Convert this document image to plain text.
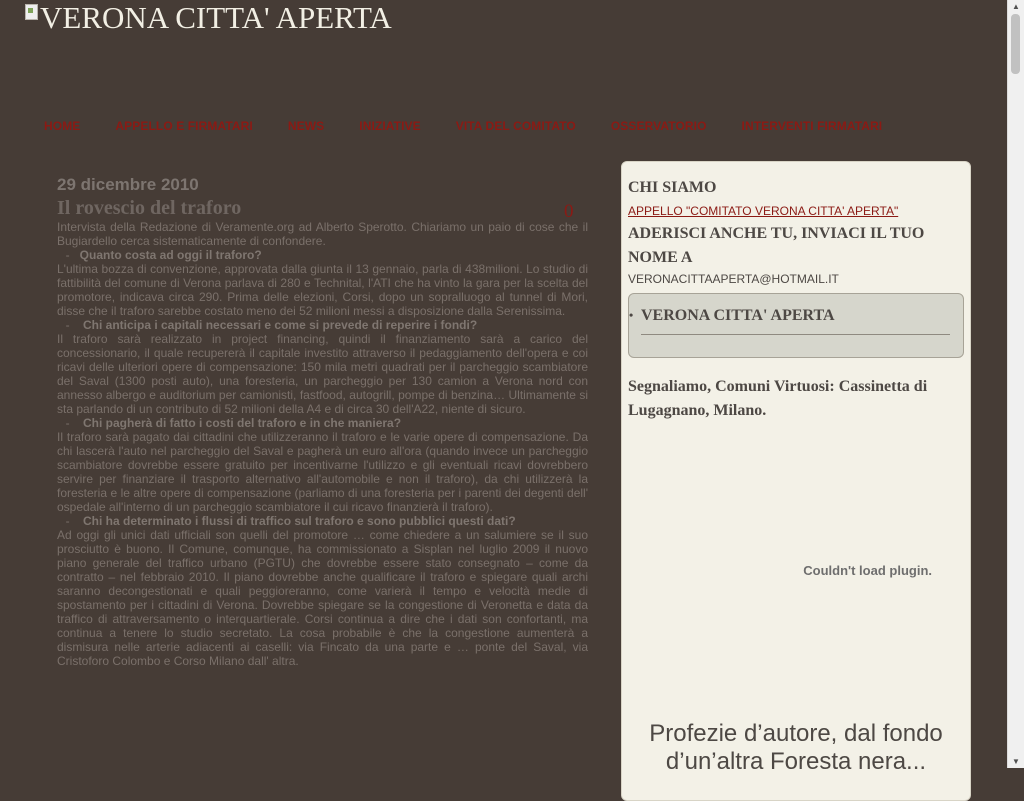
VERONA CITTA' APERTA
HOME	APPELLO E FIRMATARI	NEWS	INIZIATIVE	VITA DEL COMITATO	OSSERVATORIO	INTERVENTI FIRMATARI
29 dicembre 2010
Il rovescio del traforo	0

Intervista della Redazione di Veramente.org ad Alberto Sperotto. Chiariamo un paio di cose che il Bugiardello cerca sistematicamente di confondere.

-   Quanto costa ad oggi il traforo?

L'ultima bozza di convenzione, approvata dalla giunta il 13 gennaio, parla di 438milioni. Lo studio di fattibilità del comune di Verona parlava di 280 e Technital, l'ATI che ha vinto la gara per la scelta del promotore, indicava circa 290. Prima delle elezioni, Corsi, dopo un sopralluogo al tunnel di Mori, disse che il traforo sarebbe costato meno dei 52 milioni messi a disposizione dalla Serenissima.

-    Chi anticipa i capitali necessari e come si prevede di reperire i fondi?

Il traforo sarà realizzato in project financing, quindi il finanziamento sarà a carico del concessionario, il quale recupererà il capitale investito attraverso il pedaggiamento dell'opera e coi ricavi delle ulteriori opere di compensazione: 150 mila metri quadrati per il parcheggio scambiatore del Saval (1300 posti auto), una foresteria, un parcheggio per 130 camion a Verona nord con annesso albergo e auditorium per camionisti, fastfood, autogrill, pompe di benzina… Ultimamente si sta parlando di un contributo di 52 milioni della A4 e di circa 30 dell'A22, niente di sicuro.

-    Chi pagherà di fatto i costi del traforo e in che maniera?

Il traforo sarà pagato dai cittadini che utilizzeranno il traforo e le varie opere di compensazione. Da chi lascerà l'auto nel parcheggio del Saval e pagherà un euro all'ora (quando invece un parcheggio scambiatore dovrebbe essere gratuito per incentivarne l'utilizzo e gli eventuali ricavi dovrebbero servire per finanziare il trasporto alternativo all'automobile e non il traforo), da chi utilizzerà la foresteria e le altre opere di compensazione (parliamo di una foresteria per i parenti dei degenti dell' ospedale all'interno di un parcheggio scambiatore il cui ricavo finanzierà il traforo).

-    Chi ha determinato i flussi di traffico sul traforo e sono pubblici questi dati?

Ad oggi gli unici dati ufficiali son quelli del promotore … come chiedere a un salumiere se il suo prosciutto è buono. Il Comune, comunque, ha commissionato a Sisplan nel luglio 2009 il nuovo piano generale del traffico urbano (PGTU) che dovrebbe essere stato consegnato – come da contratto – nel febbraio 2010. Il piano dovrebbe anche qualificare il traforo e spiegare quali archi saranno decongestionati e quali peggioreranno, come varierà il tempo e velocità medie di spostamento per i cittadini di Verona. Dovrebbe spiegare se la congestione di Veronetta e data da traffico di attraversamento o interquartierale. Corsi continua a dire che i dati son confortanti, ma continua a tenere lo studio secretato. La cosa probabile è che la congestione aumenterà a dismisura nelle arterie adiacenti ai caselli: via Fincato da una parte e … ponte del Saval, via Cristoforo Colombo e Corso Milano dall' altra.

CHI SIAMO
APPELLO "COMITATO VERONA CITTA' APERTA"
ADERISCI ANCHE TU, INVIACI IL TUO NOME A

VERONACITTAAPERTA@HOTMAIL.IT

• VERONA CITTA' APERTA

Segnaliamo, Comuni Virtuosi: Cassinetta di Lugagnano, Milano.

Couldn't load plugin.
Profezie d’autore, dal fondo d’un’altra Foresta nera...
▲
▼
